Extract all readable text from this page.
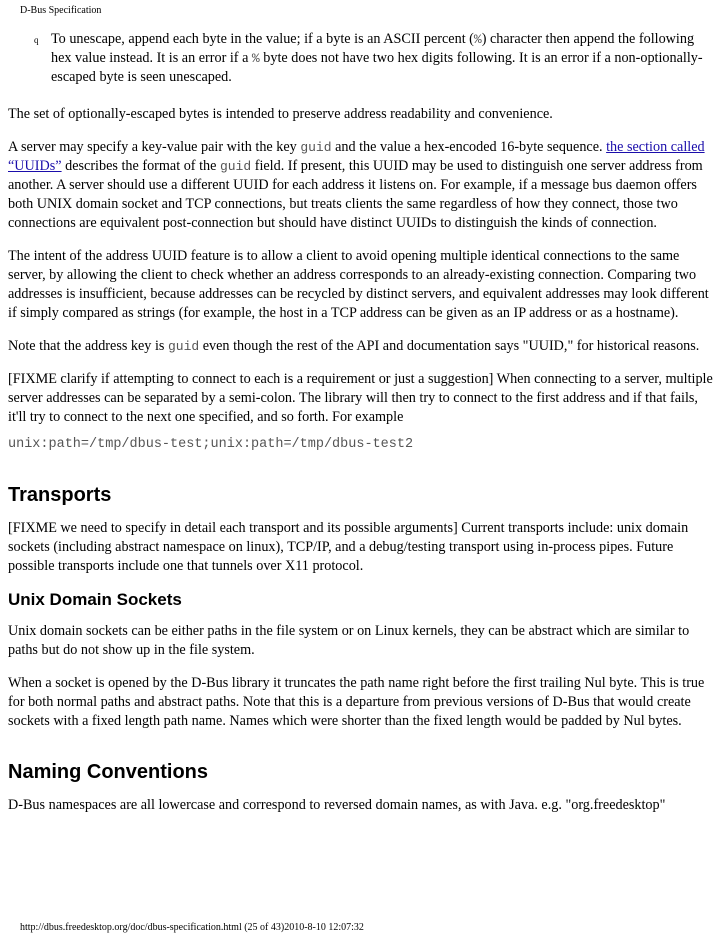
D-Bus Specification
q To unescape, append each byte in the value; if a byte is an ASCII percent (%) character then append the following hex value instead. It is an error if a % byte does not have two hex digits following. It is an error if a non-optionally-escaped byte is seen unescaped.

The set of optionally-escaped bytes is intended to preserve address readability and convenience.

A server may specify a key-value pair with the key guid and the value a hex-encoded 16-byte sequence. the section called “UUIDs” describes the format of the guid field. If present, this UUID may be used to distinguish one server address from another. A server should use a different UUID for each address it listens on. For example, if a message bus daemon offers both UNIX domain socket and TCP connections, but treats clients the same regardless of how they connect, those two connections are equivalent post-connection but should have distinct UUIDs to distinguish the kinds of connection.

The intent of the address UUID feature is to allow a client to avoid opening multiple identical connections to the same server, by allowing the client to check whether an address corresponds to an already-existing connection. Comparing two addresses is insufficient, because addresses can be recycled by distinct servers, and equivalent addresses may look different if simply compared as strings (for example, the host in a TCP address can be given as an IP address or as a hostname).

Note that the address key is guid even though the rest of the API and documentation says "UUID," for historical reasons.

[FIXME clarify if attempting to connect to each is a requirement or just a suggestion] When connecting to a server, multiple server addresses can be separated by a semi-colon. The library will then try to connect to the first address and if that fails, it'll try to connect to the next one specified, and so forth. For example

unix:path=/tmp/dbus-test;unix:path=/tmp/dbus-test2
Transports

[FIXME we need to specify in detail each transport and its possible arguments] Current transports include: unix domain sockets (including abstract namespace on linux), TCP/IP, and a debug/testing transport using in-process pipes. Future possible transports include one that tunnels over X11 protocol.

Unix Domain Sockets

Unix domain sockets can be either paths in the file system or on Linux kernels, they can be abstract which are similar to paths but do not show up in the file system.

When a socket is opened by the D-Bus library it truncates the path name right before the first trailing Nul byte. This is true for both normal paths and abstract paths. Note that this is a departure from previous versions of D-Bus that would create sockets with a fixed length path name. Names which were shorter than the fixed length would be padded by Nul bytes.

Naming Conventions

D-Bus namespaces are all lowercase and correspond to reversed domain names, as with Java. e.g. "org.freedesktop"

http://dbus.freedesktop.org/doc/dbus-specification.html (25 of 43)2010-8-10 12:07:32
